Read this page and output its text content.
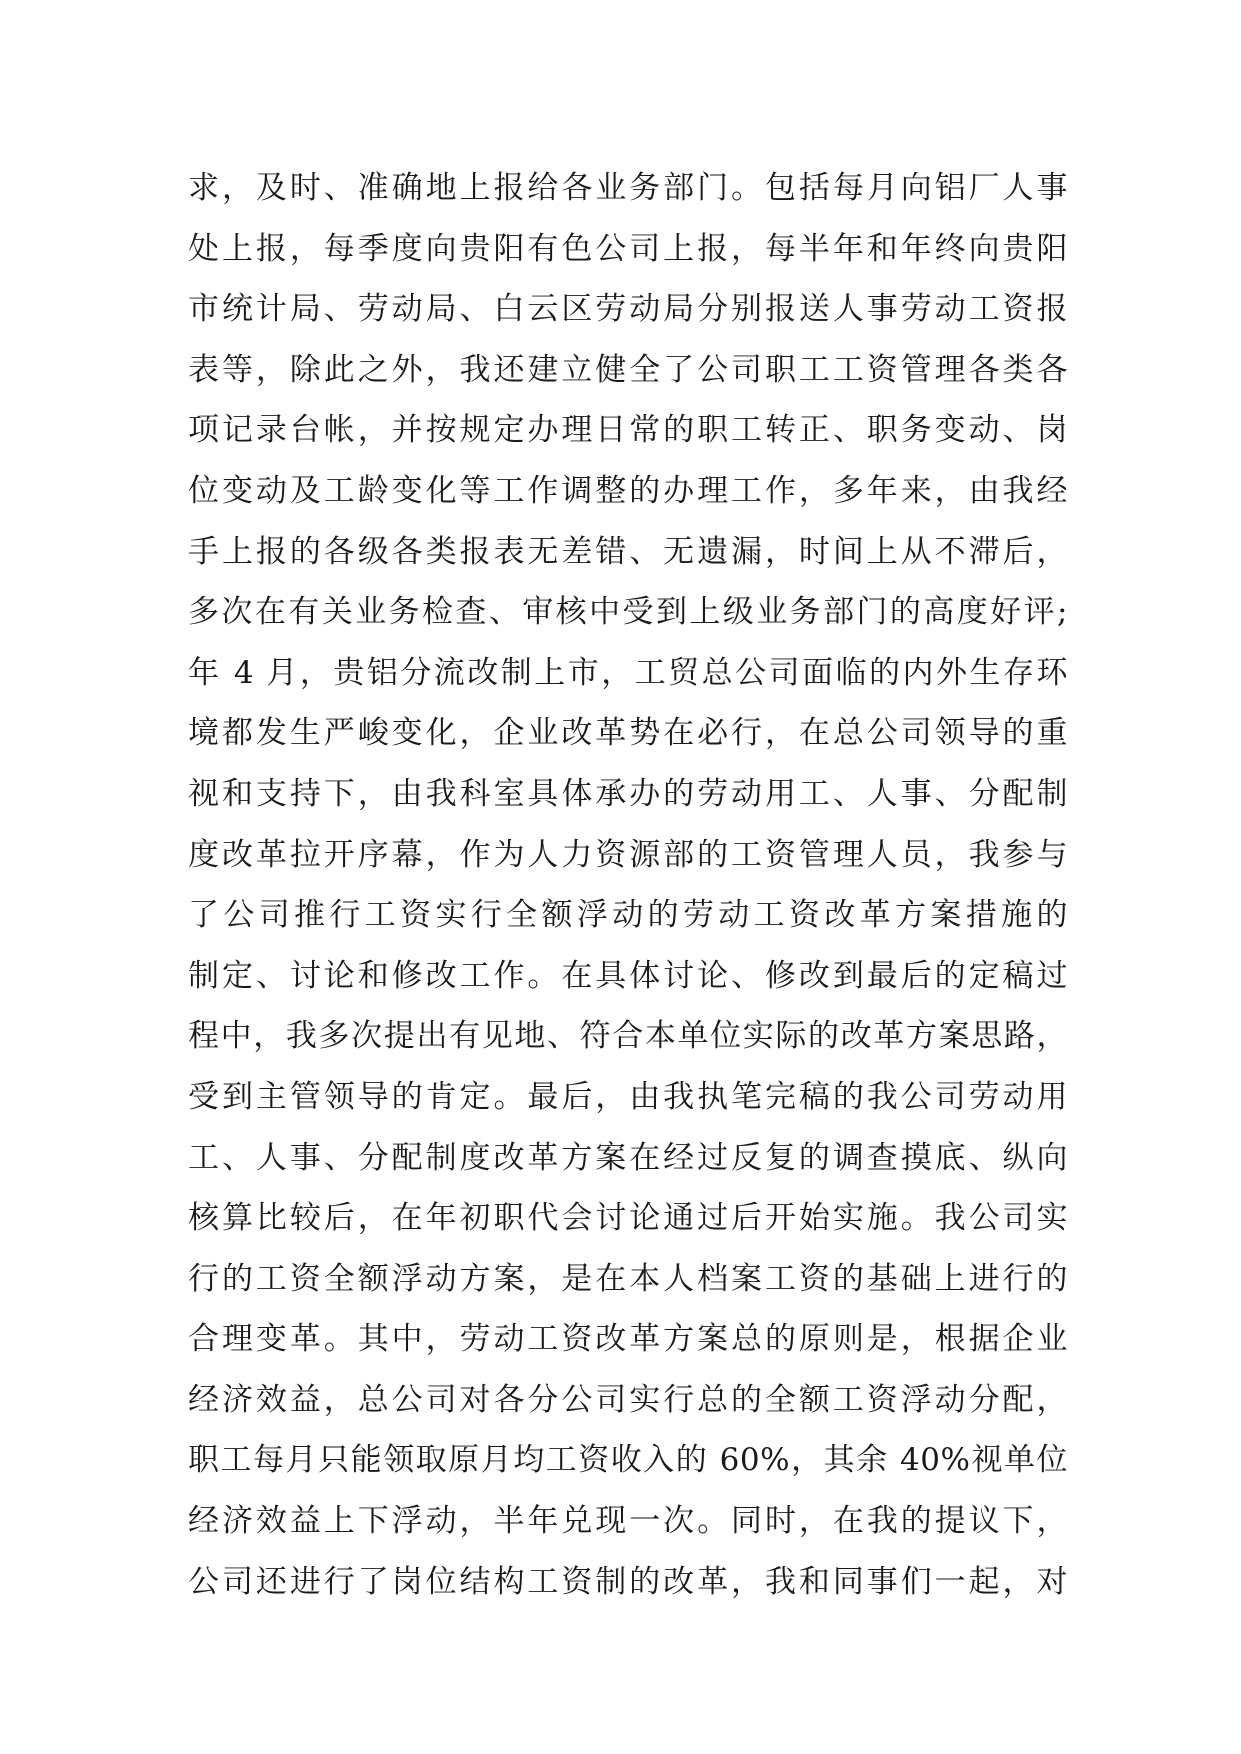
求，及时、准确地上报给各业务部门。包括每月向铝厂人事
处上报，每季度向贵阳有色公司上报，每半年和年终向贵阳
市统计局、劳动局、白云区劳动局分别报送人事劳动工资报
表等，除此之外，我还建立健全了公司职工工资管理各类各
项记录台帐，并按规定办理日常的职工转正、职务变动、岗
位变动及工龄变化等工作调整的办理工作，多年来，由我经
手上报的各级各类报表无差错、无遗漏，时间上从不滞后，
多次在有关业务检查、审核中受到上级业务部门的高度好评;
年 4 月，贵铝分流改制上市，工贸总公司面临的内外生存环
境都发生严峻变化，企业改革势在必行，在总公司领导的重
视和支持下，由我科室具体承办的劳动用工、人事、分配制
度改革拉开序幕，作为人力资源部的工资管理人员，我参与
了公司推行工资实行全额浮动的劳动工资改革方案措施的
制定、讨论和修改工作。在具体讨论、修改到最后的定稿过
程中，我多次提出有见地、符合本单位实际的改革方案思路，
受到主管领导的肯定。最后，由我执笔完稿的我公司劳动用
工、人事、分配制度改革方案在经过反复的调查摸底、纵向
核算比较后，在年初职代会讨论通过后开始实施。我公司实
行的工资全额浮动方案，是在本人档案工资的基础上进行的
合理变革。其中，劳动工资改革方案总的原则是，根据企业
经济效益，总公司对各分公司实行总的全额工资浮动分配，
职工每月只能领取原月均工资收入的 60%，其余 40%视单位
经济效益上下浮动，半年兑现一次。同时，在我的提议下，
公司还进行了岗位结构工资制的改革，我和同事们一起，对
